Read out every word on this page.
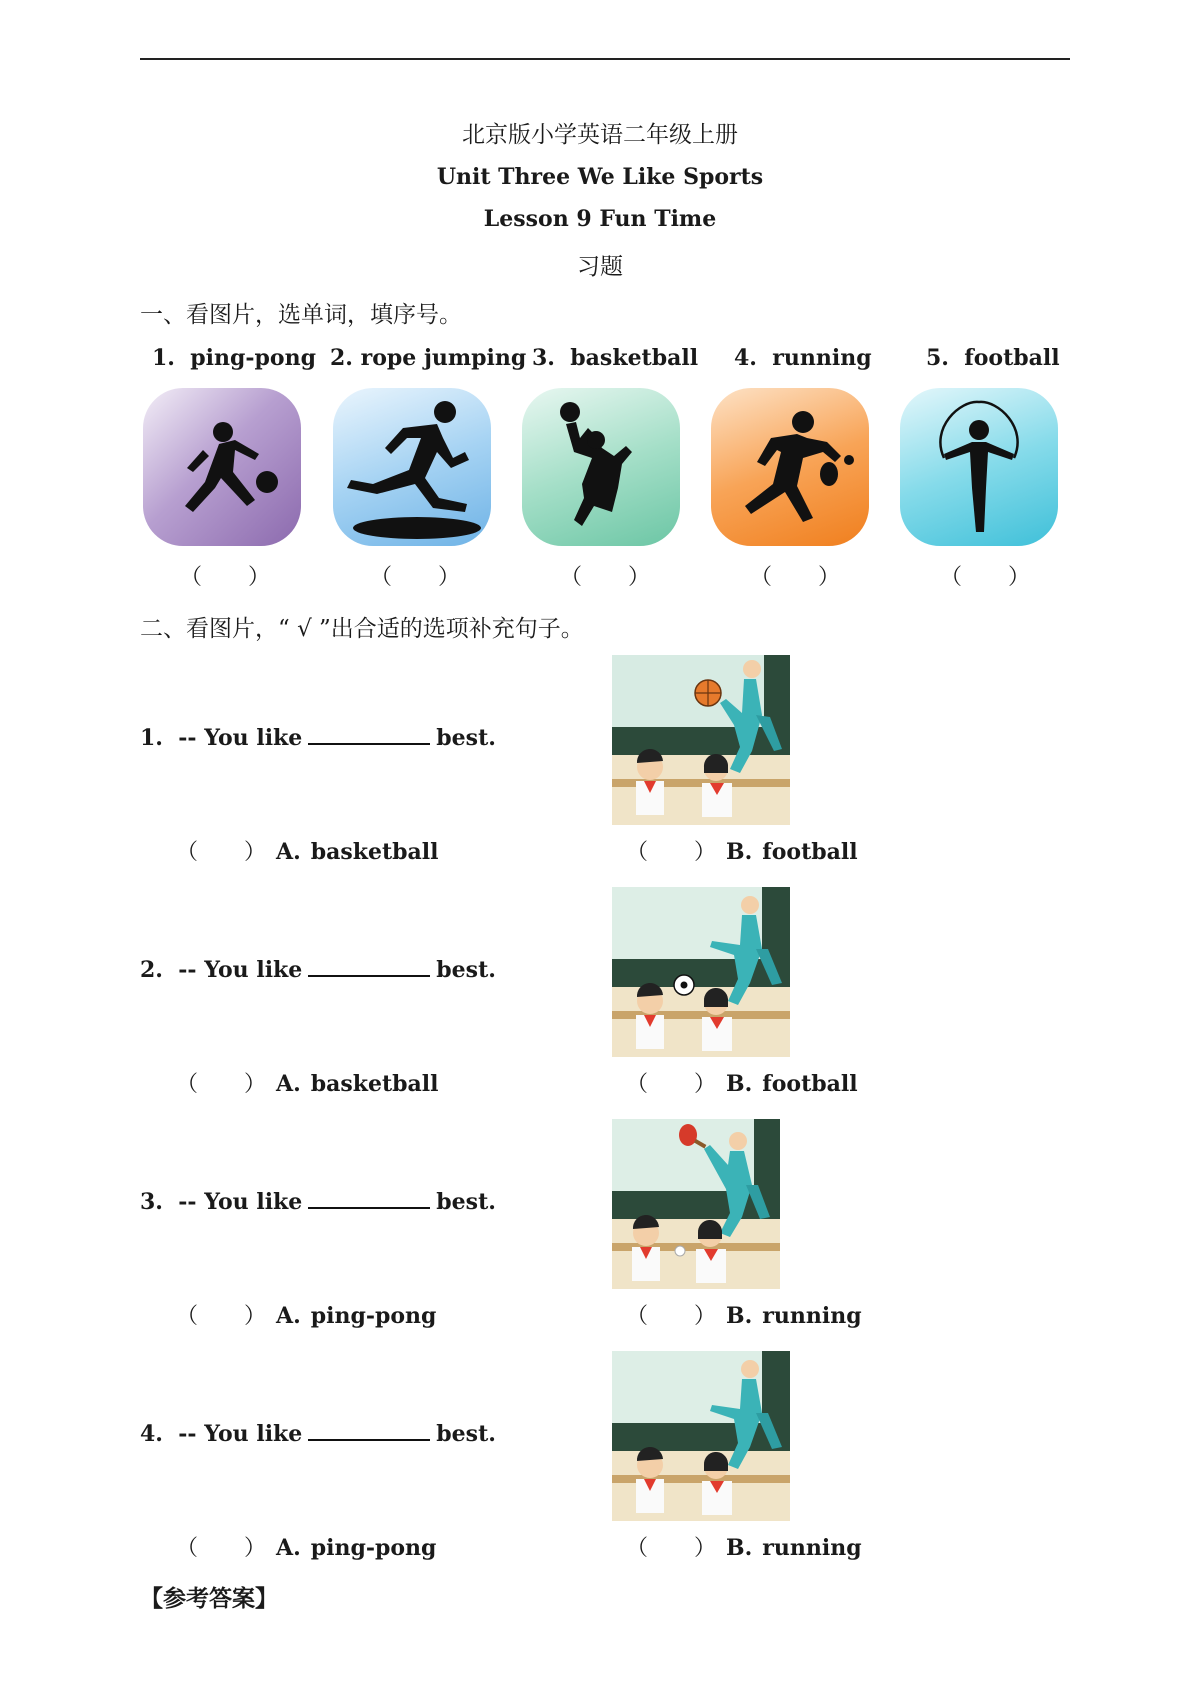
北京版小学英语二年级上册
Unit Three We Like Sports
Lesson 9 Fun Time
习题
一、看图片，选单词，填序号。
1. ping-pong 2. rope jumping 3. basketball 4. running 5. football
（ ）	（ ）	（ ）	（ ）	（ ）
二、看图片，“ √ ”出合适的选项补充句子。
1. -- You like	best.
（ ） A. basketball	（ ） B. football
2. -- You like	best.
（ ） A. basketball	（ ） B. football
3. -- You like	best.
（ ） A. ping-pong	（ ） B. running
4. -- You like	best.
（ ） A. ping-pong	（ ） B. running
【参考答案】
